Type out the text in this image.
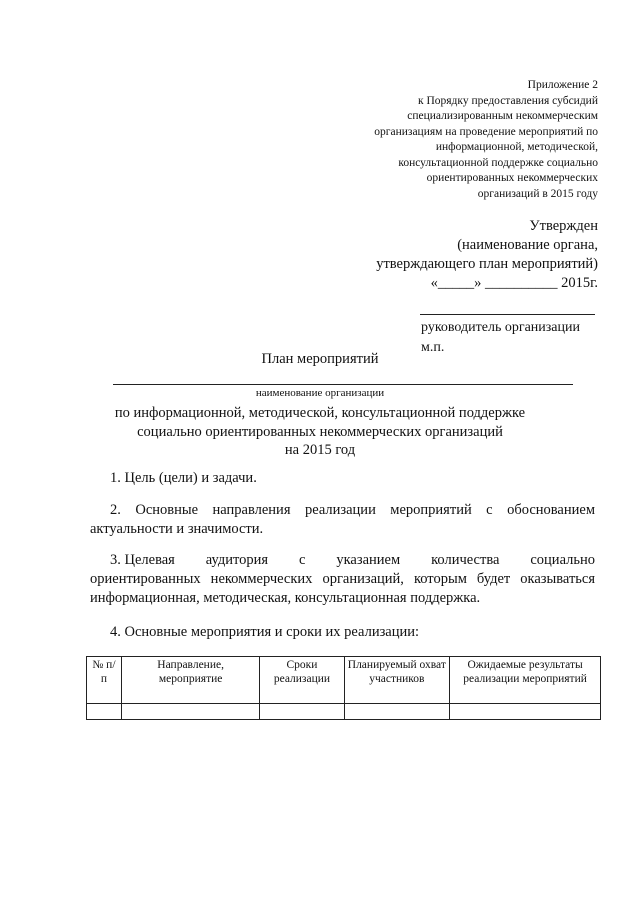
Приложение 2
к Порядку предоставления субсидий
специализированным некоммерческим
организациям на проведение мероприятий по
информационной, методической,
консультационной поддержке социально
ориентированных некоммерческих
организаций в 2015 году
Утвержден
(наименование органа,
утверждающего план мероприятий)
«_____» __________ 2015г.
руководитель организации
м.п.
План мероприятий
наименование организации
по информационной, методической, консультационной поддержке
социально ориентированных некоммерческих организаций
на 2015 год
1. Цель (цели) и задачи.
2. Основные направления реализации мероприятий с обоснованием актуальности и значимости.
3. Целевая аудитория с указанием количества социально
ориентированных некоммерческих организаций, которым будет оказываться информационная, методическая, консультационная поддержка.
4. Основные мероприятия и сроки их реализации:
№ п/п	Направление, мероприятие	Сроки реализации	Планируемый охват участников	Ожидаемые результаты реализации мероприятий
